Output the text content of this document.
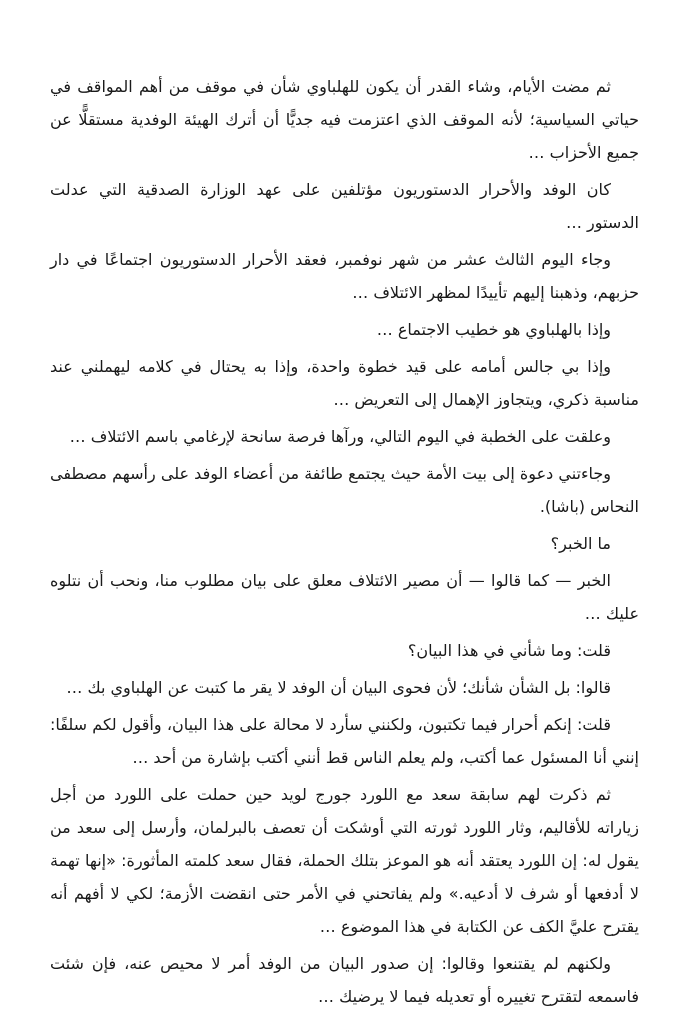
ثم مضت الأيام، وشاء القدر أن يكون للهلباوي شأن في موقف من أهم المواقف في حياتي السياسية؛ لأنه الموقف الذي اعتزمت فيه جديًّا أن أترك الهيئة الوفدية مستقلًّا عن جميع الأحزاب …

كان الوفد والأحرار الدستوريون مؤتلفين على عهد الوزارة الصدقية التي عدلت الدستور …

وجاء اليوم الثالث عشر من شهر نوفمبر، فعقد الأحرار الدستوريون اجتماعًا في دار حزبهم، وذهبنا إليهم تأييدًا لمظهر الائتلاف …

وإذا بالهلباوي هو خطيب الاجتماع …

وإذا بي جالس أمامه على قيد خطوة واحدة، وإذا به يحتال في كلامه ليهملني عند مناسبة ذكري، ويتجاوز الإهمال إلى التعريض …

وعلقت على الخطبة في اليوم التالي، ورآها فرصة سانحة لإرغامي باسم الائتلاف …

وجاءتني دعوة إلى بيت الأمة حيث يجتمع طائفة من أعضاء الوفد على رأسهم مصطفى النحاس (باشا).

ما الخبر؟

الخبر — كما قالوا — أن مصير الائتلاف معلق على بيان مطلوب منا، ونحب أن نتلوه عليك …

قلت: وما شأني في هذا البيان؟

قالوا: بل الشأن شأنك؛ لأن فحوى البيان أن الوفد لا يقر ما كتبت عن الهلباوي بك …

قلت: إنكم أحرار فيما تكتبون، ولكنني سأرد لا محالة على هذا البيان، وأقول لكم سلفًا: إنني أنا المسئول عما أكتب، ولم يعلم الناس قط أنني أكتب بإشارة من أحد …

ثم ذكرت لهم سابقة سعد مع اللورد جورج لويد حين حملت على اللورد من أجل زياراته للأقاليم، وثار اللورد ثورته التي أوشكت أن تعصف بالبرلمان، وأرسل إلى سعد من يقول له: إن اللورد يعتقد أنه هو الموعز بتلك الحملة، فقال سعد كلمته المأثورة: «إنها تهمة لا أدفعها أو شرف لا أدعيه.» ولم يفاتحني في الأمر حتى انقضت الأزمة؛ لكي لا أفهم أنه يقترح عليَّ الكف عن الكتابة في هذا الموضوع …

ولكنهم لم يقتنعوا وقالوا: إن صدور البيان من الوفد أمر لا محيص عنه، فإن شئت فاسمعه لتقترح تغييره أو تعديله فيما لا يرضيك …
